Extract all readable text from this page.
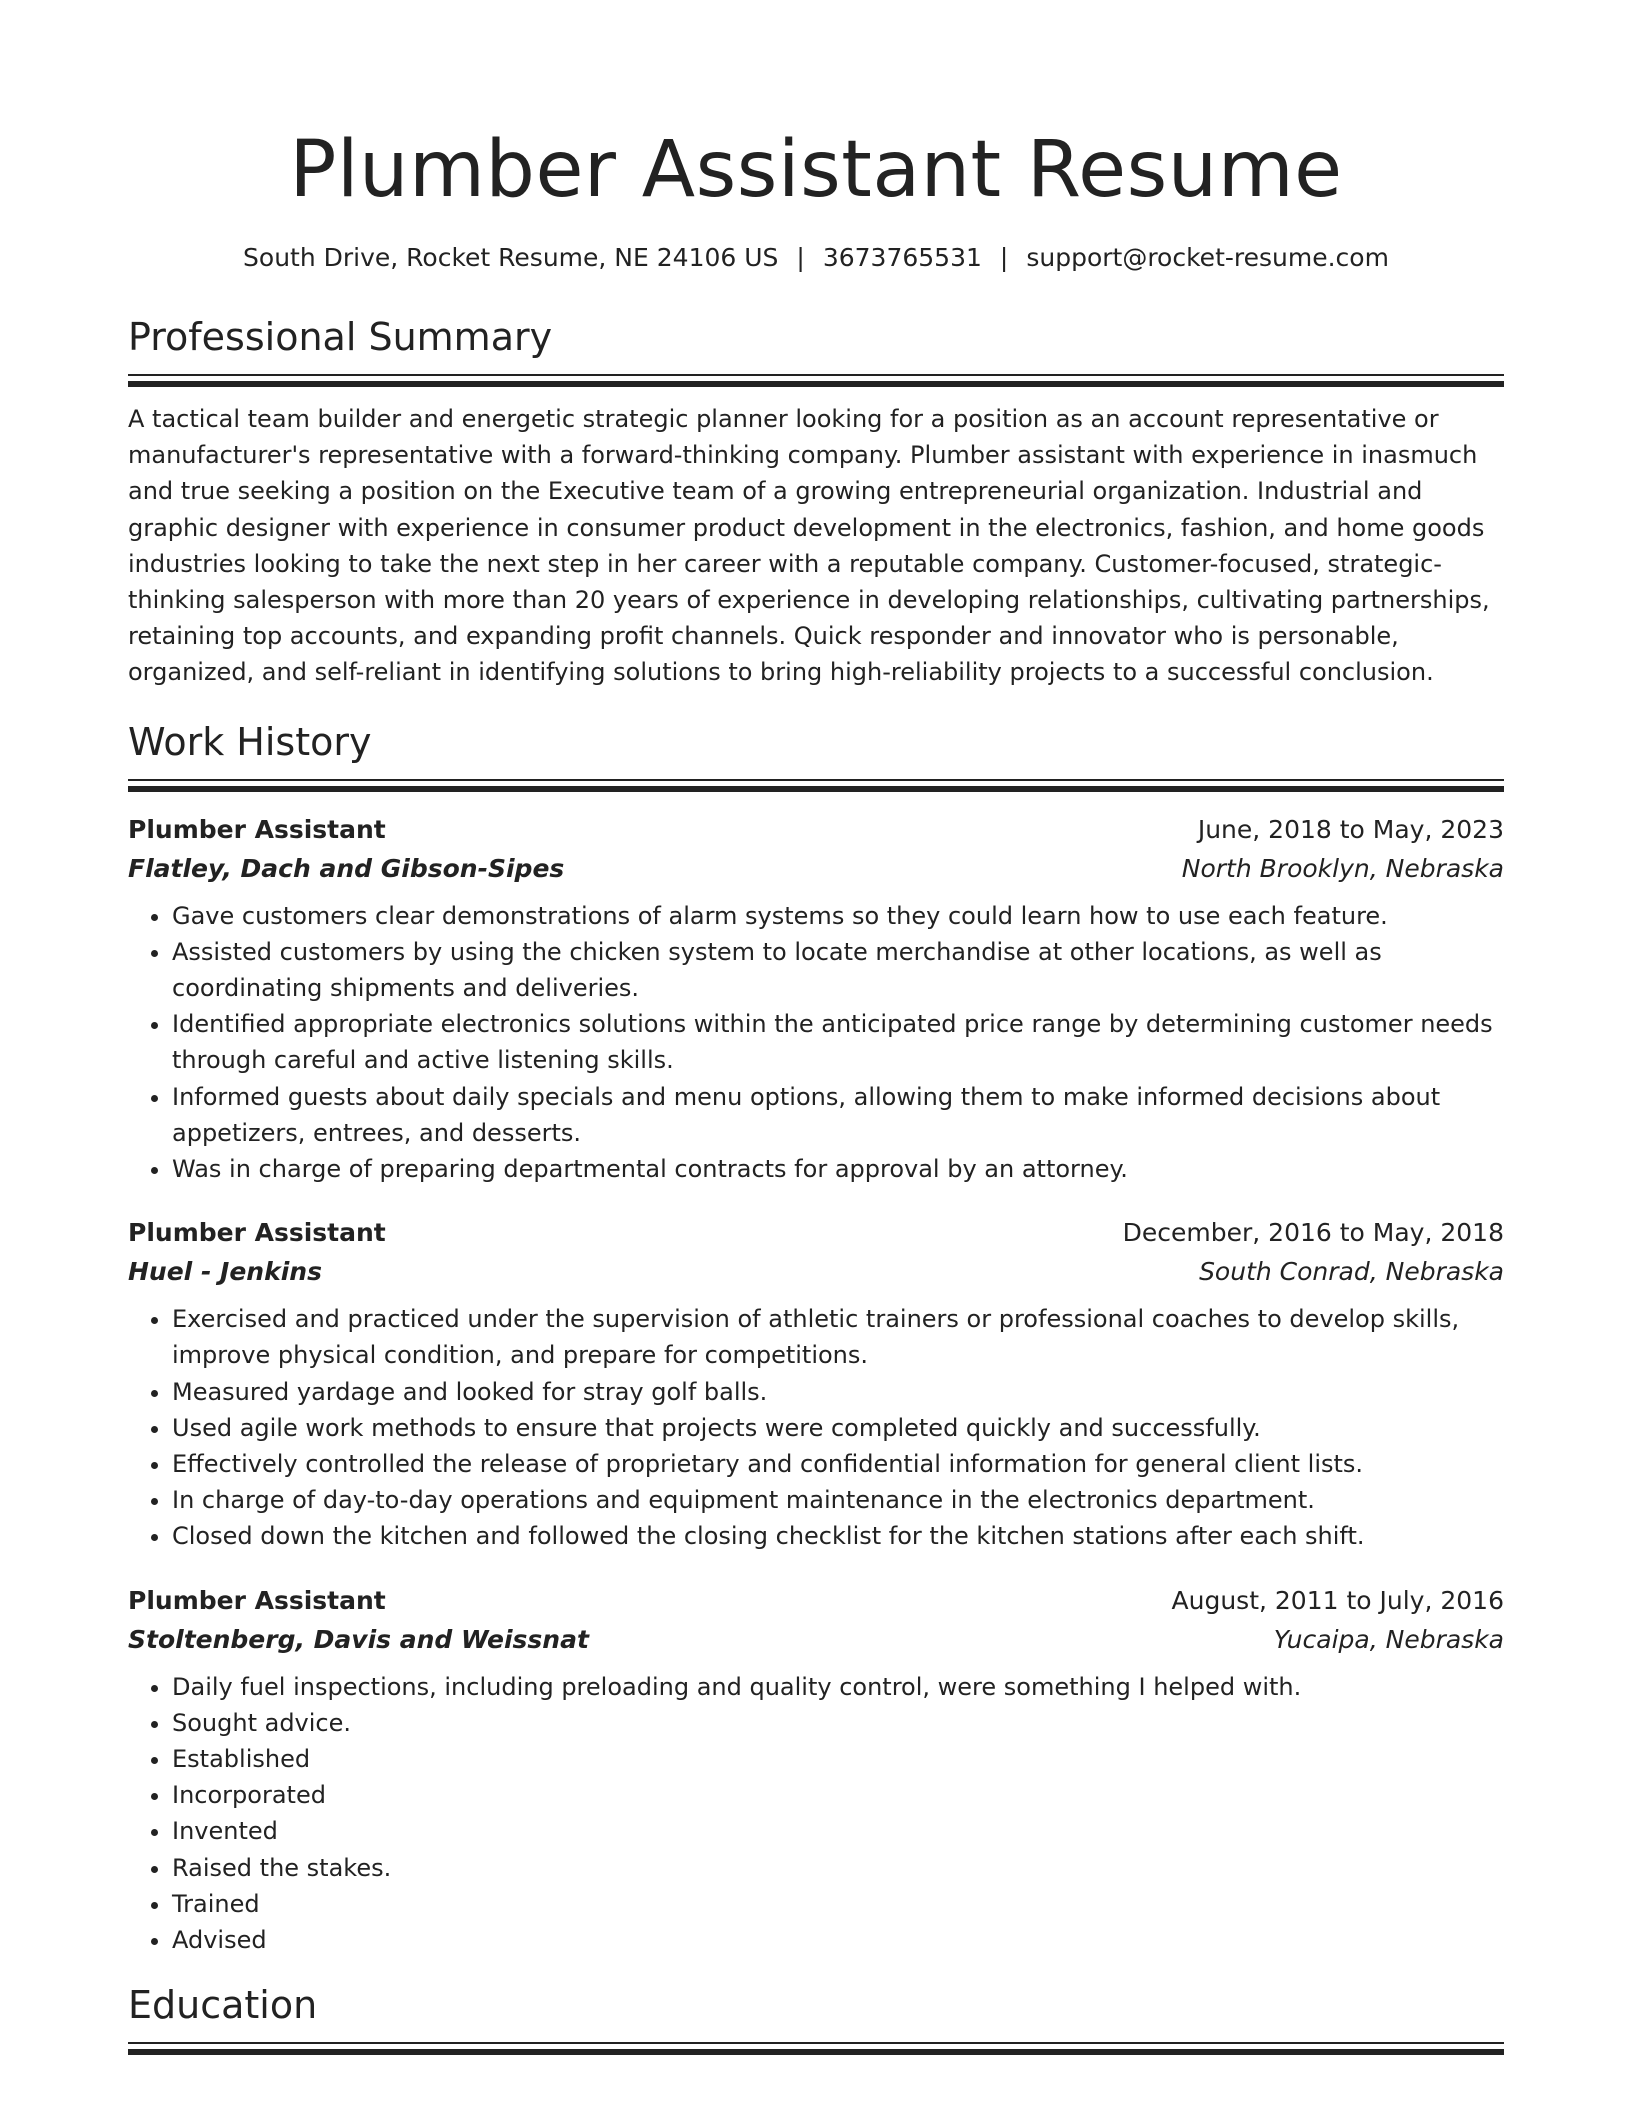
Plumber Assistant Resume
South Drive, Rocket Resume, NE 24106 US | 3673765531 | support@rocket-resume.com
Professional Summary

A tactical team builder and energetic strategic planner looking for a position as an account representative or manufacturer's representative with a forward-thinking company. Plumber assistant with experience in inasmuch and true seeking a position on the Executive team of a growing entrepreneurial organization. Industrial and graphic designer with experience in consumer product development in the electronics, fashion, and home goods industries looking to take the next step in her career with a reputable company. Customer-focused, strategic-thinking salesperson with more than 20 years of experience in developing relationships, cultivating partnerships, retaining top accounts, and expanding profit channels. Quick responder and innovator who is personable, organized, and self-reliant in identifying solutions to bring high-reliability projects to a successful conclusion.

Work History
Plumber Assistant	June, 2018 to May, 2023
Flatley, Dach and Gibson-Sipes	North Brooklyn, Nebraska
• Gave customers clear demonstrations of alarm systems so they could learn how to use each feature.
• Assisted customers by using the chicken system to locate merchandise at other locations, as well as coordinating shipments and deliveries.
• Identified appropriate electronics solutions within the anticipated price range by determining customer needs through careful and active listening skills.
• Informed guests about daily specials and menu options, allowing them to make informed decisions about appetizers, entrees, and desserts.
• Was in charge of preparing departmental contracts for approval by an attorney.
Plumber Assistant	December, 2016 to May, 2018
Huel - Jenkins	South Conrad, Nebraska
• Exercised and practiced under the supervision of athletic trainers or professional coaches to develop skills, improve physical condition, and prepare for competitions.
• Measured yardage and looked for stray golf balls.
• Used agile work methods to ensure that projects were completed quickly and successfully.
• Effectively controlled the release of proprietary and confidential information for general client lists.
• In charge of day-to-day operations and equipment maintenance in the electronics department.
• Closed down the kitchen and followed the closing checklist for the kitchen stations after each shift.
Plumber Assistant	August, 2011 to July, 2016
Stoltenberg, Davis and Weissnat	Yucaipa, Nebraska
• Daily fuel inspections, including preloading and quality control, were something I helped with.
• Sought advice.
• Established
• Incorporated
• Invented
• Raised the stakes.
• Trained
• Advised
Education
